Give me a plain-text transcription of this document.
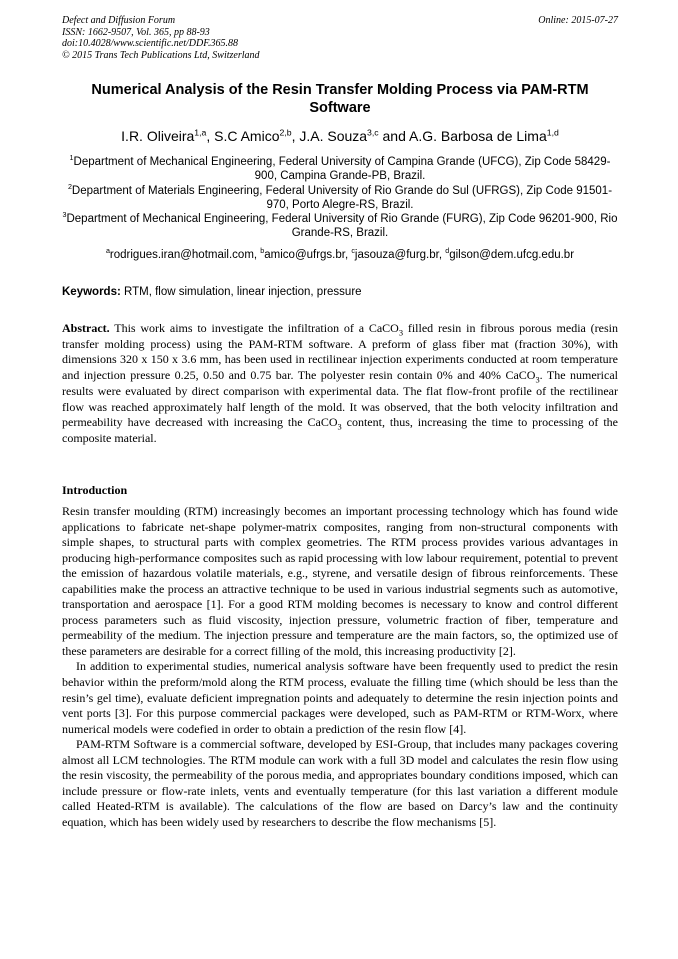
Defect and Diffusion Forum
ISSN: 1662-9507, Vol. 365, pp 88-93
doi:10.4028/www.scientific.net/DDF.365.88
© 2015 Trans Tech Publications Ltd, Switzerland
Online: 2015-07-27
Numerical Analysis of the Resin Transfer Molding Process via PAM-RTM Software
I.R. Oliveira$^{1,a}$, S.C Amico$^{2,b}$, J.A. Souza$^{3,c}$ and A.G. Barbosa de Lima$^{1,d}$

$^1$Department of Mechanical Engineering, Federal University of Campina Grande (UFCG), Zip Code 58429-900, Campina Grande-PB, Brazil.

$^2$Department of Materials Engineering, Federal University of Rio Grande do Sul (UFRGS), Zip Code 91501-970, Porto Alegre-RS, Brazil.

$^3$Department of Mechanical Engineering, Federal University of Rio Grande (FURG), Zip Code 96201-900, Rio Grande-RS, Brazil.

$^a$rodrigues.iran@hotmail.com, $^b$amico@ufrgs.br, $^c$jasouza@furg.br, $^d$gilson@dem.ufcg.edu.br
Keywords: RTM, flow simulation, linear injection, pressure
Abstract. This work aims to investigate the infiltration of a CaCO$_3$ filled resin in fibrous porous media (resin transfer molding process) using the PAM-RTM software. A preform of glass fiber mat (fraction 30%), with dimensions 320 x 150 x 3.6 mm, has been used in rectilinear injection experiments conducted at room temperature and injection pressure 0.25, 0.50 and 0.75 bar. The polyester resin contain 0% and 40% CaCO$_3$. The numerical results were evaluated by direct comparison with experimental data. The flat flow-front profile of the rectilinear flow was reached approximately half length of the mold. It was observed, that the both velocity infiltration and permeability have decreased with increasing the CaCO$_3$ content, thus, increasing the time to processing of the composite material.
Introduction

Resin transfer moulding (RTM) increasingly becomes an important processing technology which has found wide applications to fabricate net-shape polymer-matrix composites, ranging from non-structural components with simple shapes, to structural parts with complex geometries. The RTM process provides various advantages in producing high-performance composites such as rapid processing with low labour requirement, potential to prevent the emission of hazardous volatile materials, e.g., styrene, and versatile design of fibrous reinforcements. These capabilities make the process an attractive technique to be used in various industrial segments such as automotive, transportation and aerospace [1]. For a good RTM molding becomes is necessary to know and control different process parameters such as fluid viscosity, injection pressure, volumetric fraction of fiber, temperature and permeability of the medium. The injection pressure and temperature are the main factors, so, the optimized use of these parameters are desirable for a correct filling of the mold, this increasing productivity [2].

In addition to experimental studies, numerical analysis software have been frequently used to predict the resin behavior within the preform/mold along the RTM process, evaluate the filling time (which should be less than the resin’s gel time), evaluate deficient impregnation points and adequately to determine the resin injection points and vent ports [3]. For this purpose commercial packages were developed, such as PAM-RTM or RTM-Worx, where numerical models were codefied in order to obtain a prediction of the resin flow [4].

PAM-RTM Software is a commercial software, developed by ESI-Group, that includes many packages covering almost all LCM technologies. The RTM module can work with a full 3D model and calculates the resin flow using the resin viscosity, the permeability of the porous media, and appropriates boundary conditions imposed, which can include pressure or flow-rate inlets, vents and eventually temperature (for this last variation a different module called Heated-RTM is available). The calculations of the flow are based on Darcy’s law and the continuity equation, which has been widely used by researchers to describe the flow mechanisms [5].
